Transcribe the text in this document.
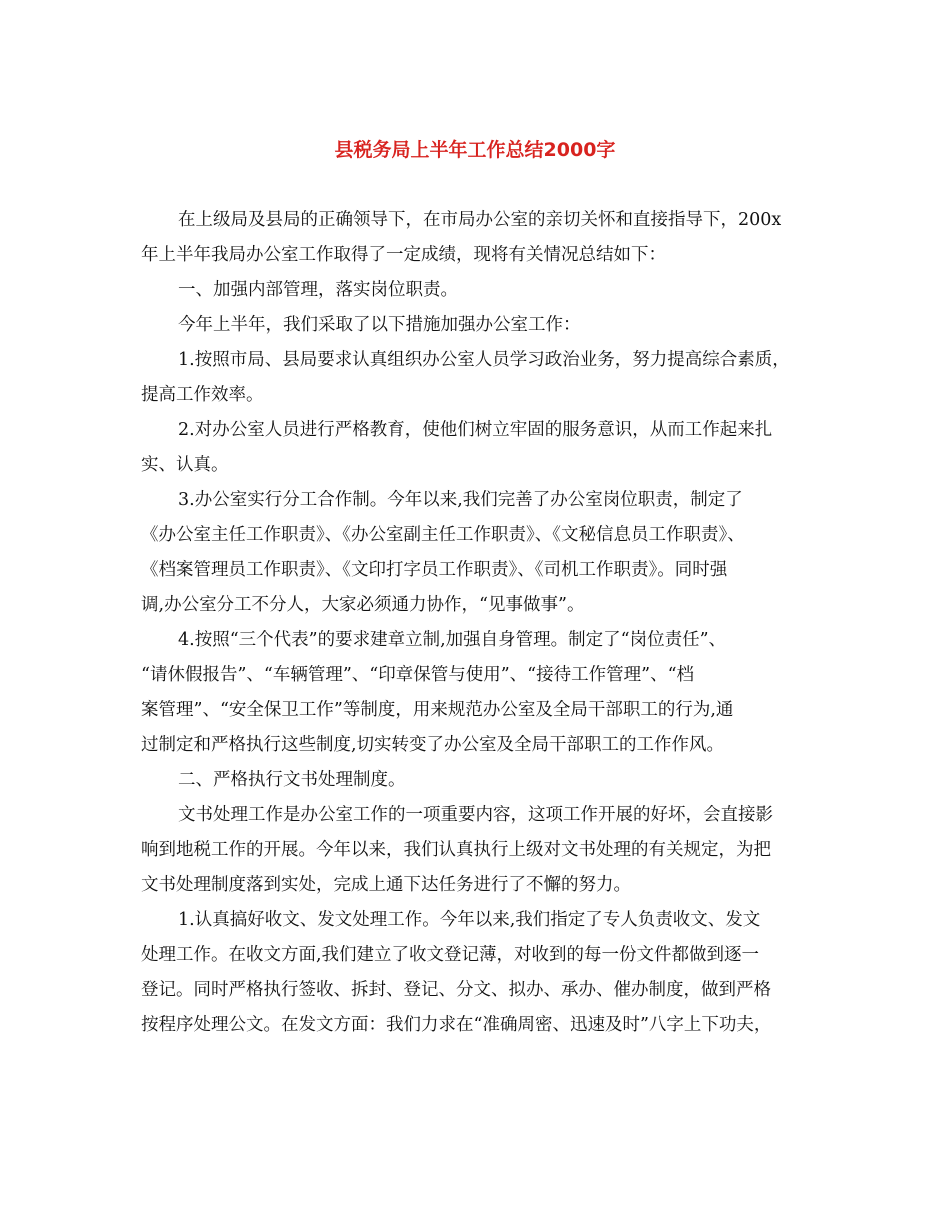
县税务局上半年工作总结2000字
在上级局及县局的正确领导下，在市局办公室的亲切关怀和直接指导下，200x
年上半年我局办公室工作取得了一定成绩，现将有关情况总结如下：
一、加强内部管理，落实岗位职责。
今年上半年，我们采取了以下措施加强办公室工作：
1.按照市局、县局要求认真组织办公室人员学习政治业务，努力提高综合素质，
提高工作效率。
2.对办公室人员进行严格教育，使他们树立牢固的服务意识，从而工作起来扎
实、认真。
3.办公室实行分工合作制。今年以来,我们完善了办公室岗位职责，制定了
《办公室主任工作职责》、《办公室副主任工作职责》、《文秘信息员工作职责》、
《档案管理员工作职责》、《文印打字员工作职责》、《司机工作职责》。同时强
调,办公室分工不分人，大家必须通力协作，“见事做事”。
4.按照“三个代表”的要求建章立制,加强自身管理。制定了“岗位责任”、
“请休假报告”、“车辆管理”、“印章保管与使用”、“接待工作管理”、“档
案管理”、“安全保卫工作”等制度，用来规范办公室及全局干部职工的行为,通
过制定和严格执行这些制度,切实转变了办公室及全局干部职工的工作作风。
二、严格执行文书处理制度。
文书处理工作是办公室工作的一项重要内容，这项工作开展的好坏，会直接影
响到地税工作的开展。今年以来，我们认真执行上级对文书处理的有关规定，为把
文书处理制度落到实处，完成上通下达任务进行了不懈的努力。
1.认真搞好收文、发文处理工作。今年以来,我们指定了专人负责收文、发文
处理工作。在收文方面,我们建立了收文登记薄，对收到的每一份文件都做到逐一
登记。同时严格执行签收、拆封、登记、分文、拟办、承办、催办制度，做到严格
按程序处理公文。在发文方面：我们力求在“准确周密、迅速及时”八字上下功夫，
